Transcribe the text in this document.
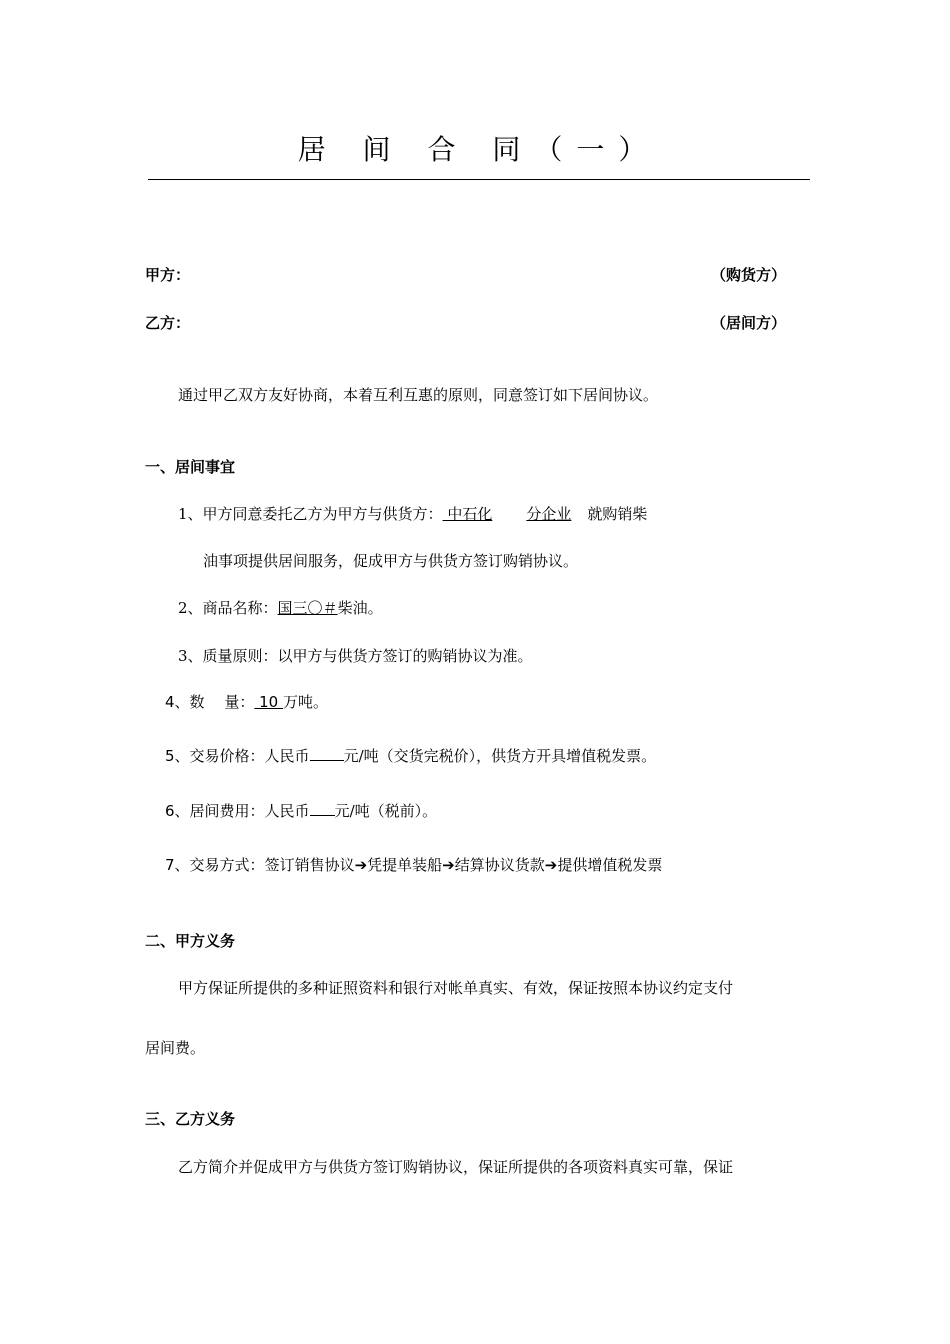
居 间 合 同（一）
甲方：	（购货方）
乙方：	（居间方）
通过甲乙双方友好协商，本着互利互惠的原则，同意签订如下居间协议。
一、居间事宜
1、甲方同意委托乙方为甲方与供货方： 中石化 分企业 就购销柴
油事项提供居间服务，促成甲方与供货方签订购销协议。
2、商品名称：国三〇＃柴油。
3、质量原则：以甲方与供货方签订的购销协议为准。
4、数　 量： 10 万吨。
5、交易价格：人民币 元/吨（交货完税价），供货方开具增值税发票。
6、居间费用：人民币 元/吨（税前）。
7、交易方式：签订销售协议➔凭提单装船➔结算协议货款➔提供增值税发票
二、甲方义务
甲方保证所提供的多种证照资料和银行对帐单真实、有效，保证按照本协议约定支付
居间费。
三、乙方义务
乙方简介并促成甲方与供货方签订购销协议，保证所提供的各项资料真实可靠，保证
